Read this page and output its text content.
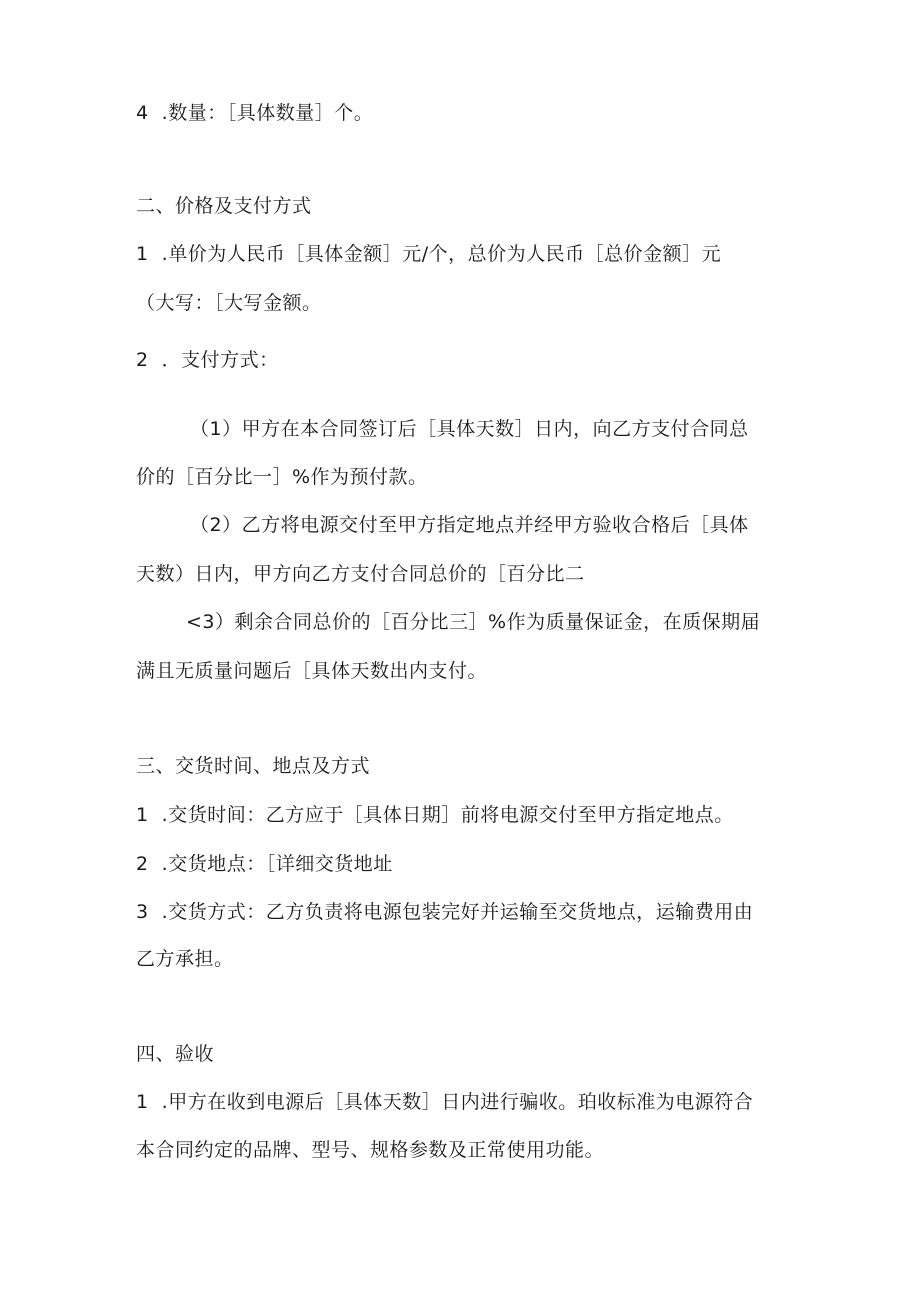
4  .数量：［具体数量］个。
二、价格及支付方式
1  .单价为人民币［具体金额］元/个，总价为人民币［总价金额］元
（大写：［大写金额。
2  ．支付方式：
（1）甲方在本合同签订后［具体天数］日内，向乙方支付合同总
价的［百分比一］%作为预付款。
（2）乙方将电源交付至甲方指定地点并经甲方验收合格后［具体
天数）日内，甲方向乙方支付合同总价的［百分比二
<3）剩余合同总价的［百分比三］%作为质量保证金，在质保期届
满且无质量问题后［具体天数出内支付。
三、交货时间、地点及方式
1  .交货时间：乙方应于［具体日期］前将电源交付至甲方指定地点。
2  .交货地点：［详细交货地址
3  .交货方式：乙方负责将电源包装完好并运输至交货地点，运输费用由
乙方承担。
四、验收
1  .甲方在收到电源后［具体天数］日内进行骗收。珀收标准为电源符合
本合同约定的品牌、型号、规格参数及正常使用功能。
